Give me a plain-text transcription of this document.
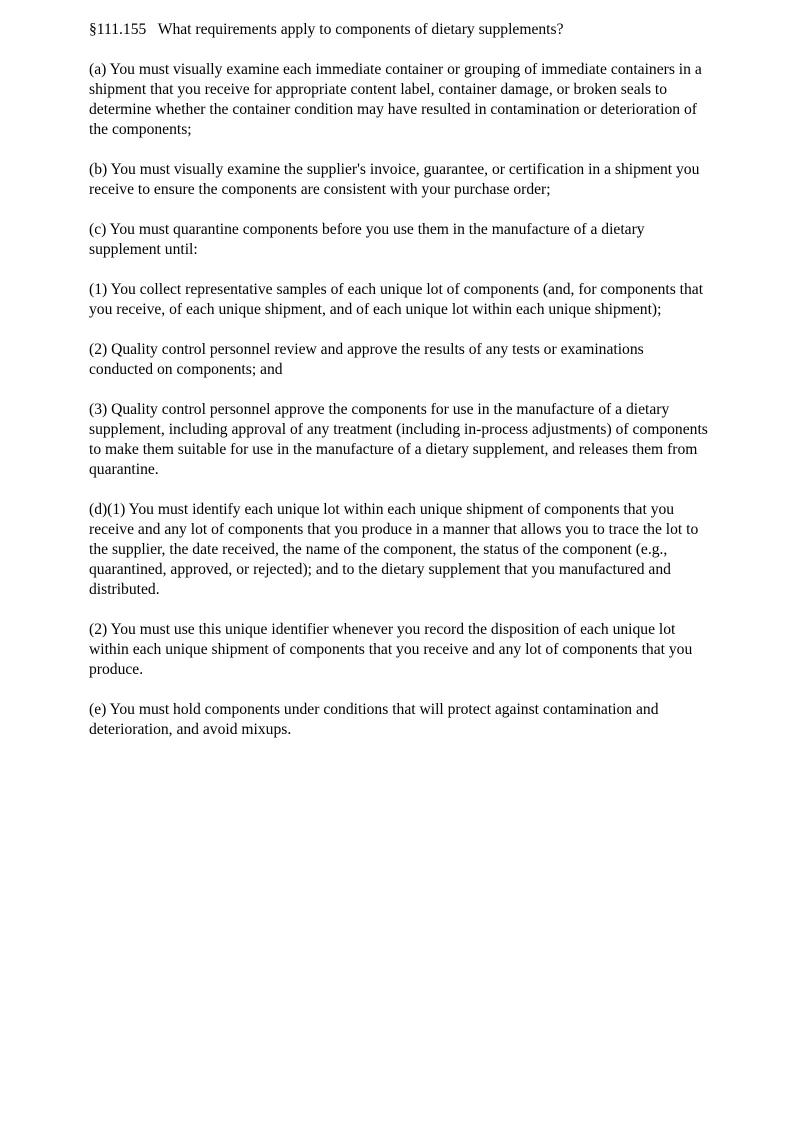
§111.155   What requirements apply to components of dietary supplements?

(a) You must visually examine each immediate container or grouping of immediate containers in a shipment that you receive for appropriate content label, container damage, or broken seals to determine whether the container condition may have resulted in contamination or deterioration of the components;

(b) You must visually examine the supplier's invoice, guarantee, or certification in a shipment you receive to ensure the components are consistent with your purchase order;

(c) You must quarantine components before you use them in the manufacture of a dietary supplement until:

(1) You collect representative samples of each unique lot of components (and, for components that you receive, of each unique shipment, and of each unique lot within each unique shipment);

(2) Quality control personnel review and approve the results of any tests or examinations conducted on components; and

(3) Quality control personnel approve the components for use in the manufacture of a dietary supplement, including approval of any treatment (including in-process adjustments) of components to make them suitable for use in the manufacture of a dietary supplement, and releases them from quarantine.

(d)(1) You must identify each unique lot within each unique shipment of components that you receive and any lot of components that you produce in a manner that allows you to trace the lot to the supplier, the date received, the name of the component, the status of the component (e.g., quarantined, approved, or rejected); and to the dietary supplement that you manufactured and distributed.

(2) You must use this unique identifier whenever you record the disposition of each unique lot within each unique shipment of components that you receive and any lot of components that you produce.

(e) You must hold components under conditions that will protect against contamination and deterioration, and avoid mixups.
